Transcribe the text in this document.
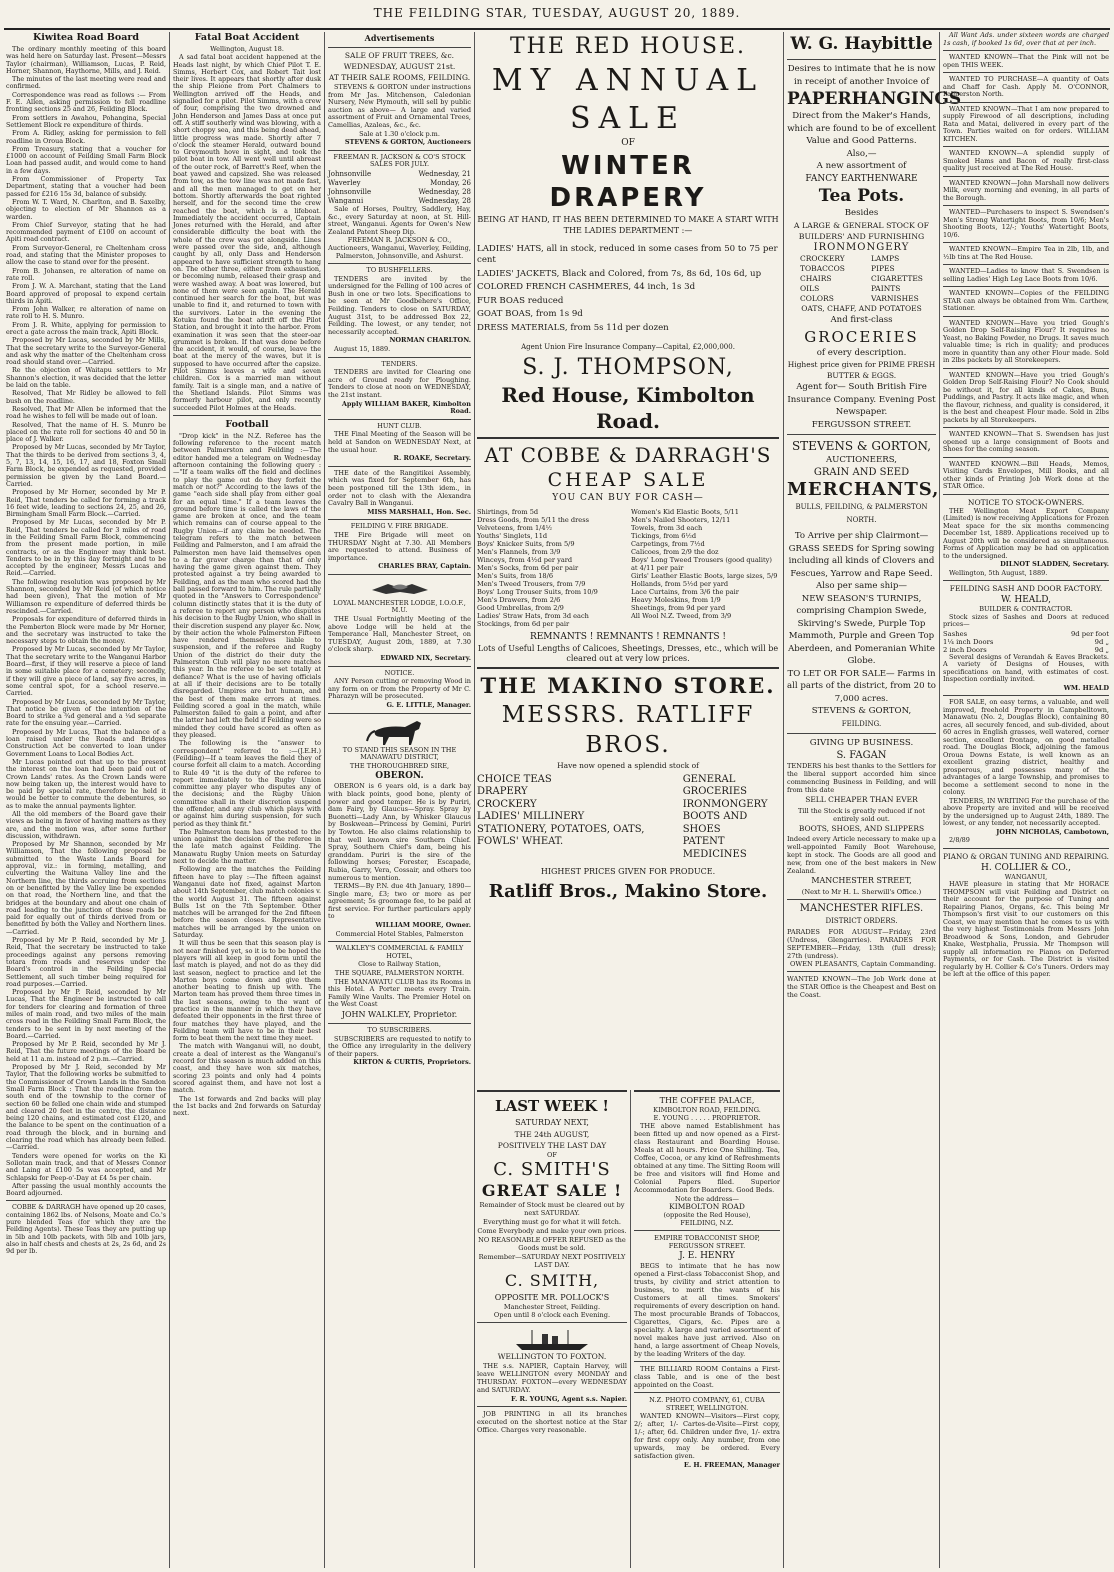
THE FEILDING STAR, TUESDAY, AUGUST 20, 1889.
Kiwitea Road Board

The ordinary monthly meeting of this board was held here on Saturday last. Present—Messrs Taylor (chairman), Williamson, Lucas, P. Reid, Horner, Shannon, Haythorne, Mills, and J. Reid.

The minutes of the last meeting were read and confirmed.

Correspondence was read as follows :— From F. E. Allen, asking permission to fell roadline fronting sections 25 and 26, Feilding Block.

From settlers in Awahou, Pohangina, Special Settlement Block re expenditure of thirds.

From A. Ridley, asking for permission to fell roadline in Oroua Block.

From Treasury, stating that a voucher for £1000 on account of Feilding Small Farm Block Loan had passed audit, and would come to hand in a few days.

From Commissioner of Property Tax Department, stating that a voucher had been passed for £216 15s 3d, balance of subsidy.

From W. T. Ward, N. Charlton, and B. Saxelby, objecting to election of Mr Shannon as a warden.

From Chief Surveyor, stating that he had recommended payment of £100 on account of Apiti road contract.

From Surveyor-General, re Cheltenham cross road, and stating that the Minister proposes to allow the case to stand over for the present.

From B. Johansen, re alteration of name on rate roll.

From J. W. A. Marchant, stating that the Land Board approved of proposal to expend certain thirds in Apiti.

From John Walker, re alteration of name on rate roll to H. S. Munro.

From J. R. White, applying for permission to erect a gate across the main track, Apiti Block.

Proposed by Mr Lucas, seconded by Mr Mills, That the secretary write to the Surveyor-General and ask why the matter of the Cheltenham cross road should stand over.—Carried.

Re the objection of Waitapu settlers to Mr Shannon's election, it was decided that the letter be laid on the table.

Resolved, That Mr Ridley be allowed to fell bush on the roadline.

Resolved, That Mr Allen be informed that the road he wishes to fell will be made out of loan.

Resolved, That the name of H. S. Munro be placed on the rate roll for sections 40 and 50 in place of J. Walker.

Proposed by Mr Lucas, seconded by Mr Taylor, That the thirds to be derived from sections 3, 4, 5, 7, 13, 14, 15, 16, 17, and 18, Foxton Small Farm Block, be expended as requested, provided permission be given by the Land Board.—Carried.

Proposed by Mr Horner, seconded by Mr P. Reid, That tenders be called for forming a track 16 feet wide, leading to sections 24, 25, and 26, Birmingham Small Farm Block.—Carried.

Proposed by Mr Lucas, seconded by Mr P. Reid, That tenders be called for 3 miles of road in the Feilding Small Farm Block, commencing from the present made portion, in mile contracts, or as the Engineer may think best. Tenders to be in by this day fortnight and to be accepted by the engineer, Messrs Lucas and Reid.—Carried.

The following resolution was proposed by Mr Shannon, seconded by Mr Reid (of which notice had been given), That the motion of Mr Williamson re expenditure of deferred thirds be rescinded.—Carried.

Proposals for expenditure of deferred thirds in the Pemberton Block were made by Mr Horner, and the secretary was instructed to take the necessary steps to obtain the money.

Proposed by Mr Lucas, seconded by Mr Taylor, That the secretary write to the Wanganui Harbor Board—first, if they will reserve a piece of land in some suitable place for a cemetery; secondly, if they will give a piece of land, say five acres, in some central spot, for a school reserve.—Carried.

Proposed by Mr Lucas, seconded by Mr Taylor, That notice be given of the intention of the Board to strike a ¾d general and a ¼d separate rate for the ensuing year.—Carried.

Proposed by Mr Lucas, That the balance of a loan raised under the Roads and Bridges Construction Act be converted to loan under Government Loans to Local Bodies Act.

Mr Lucas pointed out that up to the present the interest on the loan had been paid out of Crown Lands' rates. As the Crown Lands were now being taken up, the interest would have to be paid by special rate, therefore he held it would be better to commute the debentures, so as to make the annual payments lighter.

All the old members of the Board gave their views as being in favor of having matters as they are, and the motion was, after some further discussion, withdrawn.

Proposed by Mr Shannon, seconded by Mr Williamson, That the following proposal be submitted to the Waste Lands Board for approval, viz.: in forming, metalling, and culverting the Waituna Valley line and the Northern line, the thirds accruing from sections on or benefitted by the Valley line be expended on that road, the Northern line, and that the bridges at the boundary and about one chain of road leading to the junction of these roads be paid for equally out of thirds derived from or benefitted by both the Valley and Northern lines.—Carried.

Proposed by Mr P. Reid, seconded by Mr J. Reid, That the secretary be instructed to take proceedings against any persons removing totara from roads and reserves under the Board's control in the Feilding Special Settlement, all such timber being required for road purposes.—Carried.

Proposed by Mr P. Reid, seconded by Mr Lucas, That the Engineer be instructed to call for tenders for clearing and formation of three miles of main road, and two miles of the main cross road in the Feilding Small Farm Block, the tenders to be sent in by next meeting of the Board.—Carried.

Proposed by Mr P. Reid, seconded by Mr J. Reid, That the future meetings of the Board be held at 11 a.m. instead of 2 p.m.—Carried.

Proposed by Mr J. Reid, seconded by Mr Taylor, That the following works be submitted to the Commissioner of Crown Lands in the Sandon Small Farm Block : That the roadline from the south end of the township to the corner of section 60 be felled one chain wide and stumped and cleared 20 feet in the centre, the distance being 120 chains, and estimated cost £120, and the balance to be spent on the continuation of a road through the block, and in burning and clearing the road which has already been felled.—Carried.

Tenders were opened for works on the Ki Sollotan main track, and that of Messrs Connor and Laing at £100 5s was accepted, and Mr Schlapski for Peep-o'-Day at £4 5s per chain.

After passing the usual monthly accounts the Board adjourned.

COBBE & DARRAGH have opened up 20 cases, containing 1862 lbs. of Nelsons, Moate and Co.'s pure blended Teas (for which they are the Feilding Agents). These Teas they are putting up in 5lb and 10lb packets, with 5lb and 10lb jars, also in half chests and chests at 2s, 2s 6d, and 2s 9d per lb.

Fatal Boat Accident

Wellington, August 18.

A sad fatal boat accident happened at the Heads last night, by which Chief Pilot T. E. Simms, Herbert Cox, and Robert Tait lost their lives. It appears that shortly after dusk the ship Pleione from Port Chalmers to Wellington arrived off the Heads, and signalled for a pilot. Pilot Simms, with a crew of four, comprising the two drowned and John Henderson and James Dass at once put off. A stiff southerly wind was blowing, with a short choppy sea, and this being dead ahead, little progress was made. Shortly after 7 o'clock the steamer Herald, outward bound to Greymouth hove in sight, and took the pilot boat in tow. All went well until abreast of the outer rock, of Barrett's Reef, when the boat yawed and capsized. She was released from tow, as the tow line was not made fast, and all the men managed to get on her bottom. Shortly afterwards the boat righted herself, and for the second time the crew reached the boat, which is a lifeboat. Immediately the accident occurred, Captain Jones returned with the Herald, and after considerable difficulty the boat with the whole of the crew was got alongside. Lines were passed over the side, and, although caught by all, only Dass and Henderson appeared to have sufficient strength to hang on. The other three, either from exhaustion, or becoming numb, released their grasp and were washed away. A boat was lowered, but none of them were seen again. The Herald continued her search for the boat, but was unable to find it, and returned to town with the survivors. Later in the evening the Kotuku found the boat adrift off the Pilot Station, and brought it into the harbor. From examination it was seen that the steer-oar grummet is broken. If that was done before the accident, it would, of course, leave the boat at the mercy of the waves, but it is supposed to have occurred after the capsize. Pilot Simms leaves a wife and seven children. Cox is a married man without family. Tait is a single man, and a native of the Shetland Islands. Pilot Simms was formerly harbour pilot, and only recently succeeded Pilot Holmes at the Heads.

Football

"Drop kick" in the N.Z. Referee has the following reference to the recent match between Palmerston and Feilding :—The editor handed me a telegram on Wednesday afternoon containing the following query :—"If a team walks off the field and declines to play the game out do they forfeit the match or not?" According to the laws of the game "each side shall play from either goal for an equal time." If a team leaves the ground before time is called the laws of the game are broken at once, and the team which remains can of course appeal to the Rugby Union—if any claim be needed. The telegram refers to the match between Feilding and Palmerston, and I am afraid the Palmerston men have laid themselves open to a far graver charge than that of only having the game given against them. They protested against a try being awarded to Feilding, and as the man who scored had the ball passed forward to him. The rule partially quoted in the "Answers to Correspondence" column distinctly states that it is the duty of a referee to report any person who disputes his decision to the Rugby Union, who shall in their discretion suspend any player &c. Now, by their action the whole Palmerston Fifteen have rendered themselves liable to suspension, and if the referee and Rugby Union of the district do their duty the Palmerston Club will play no more matches this year. In the referee to be set totally at defiance? What is the use of having officials at all if their decisions are to be totally disregarded. Umpires are but human, and the best of them make errors at times. Feilding scored a goal in the match, while Palmerston failed to gain a point, and after the latter had left the field if Feilding were so minded they could have scored as often as they pleased.

The following is the "answer to correspondent" referred to :—(J.E.H.) (Feilding)—If a team leaves the field they of course forfeit all claim to a match. According to Rule 49 "it is the duty of the referee to report immediately to the Rugby Union committee any player who disputes any of the decisions; and the Rugby Union committee shall in their discretion suspend the offender, and any club which plays with or against him during suspension, for such period as they think fit."

The Palmerston team has protested to the union against the decision of the referee in the late match against Feilding. The Manawatu Rugby Union meets on Saturday next to decide the matter.

Following are the matches the Feilding fifteen have to play :—The fifteen against Wanganui date not fixed, against Marton about 14th September, club match colonies v. the world August 31. The fifteen against Bulls 1st on the 7th September. Other matches will be arranged for the 2nd fifteen before the season closes. Representative matches will be arranged by the union on Saturday.

It will thus be seen that this season play is not near finished yet, so it is to be hoped the players will all keep in good form until the last match is played, and not do as they did last season, neglect to practice and let the Marton boys come down and give them another beating to finish up with. The Marton team has proved them three times in the last seasons, owing to the want of practice in the manner in which they have defeated their opponents in the first three of four matches they have played, and the Feilding team will have to be in their best form to beat them the next time they meet.

The match with Wanganui will, no doubt, create a deal of interest as the Wanganui's record for this season is much added on this coast, and they have won six matches, scoring 23 points and only had 4 points scored against them, and have not lost a match.

The 1st forwards and 2nd backs will play the 1st backs and 2nd forwards on Saturday next.

Advertisements

SALE OF FRUIT TREES, &c.

WEDNESDAY, AUGUST 21st.

AT THEIR SALE ROOMS, FEILDING.

STEVENS & GORTON under instructions from Mr Jas. Mitchenson, Caledonian Nursery, New Plymouth, will sell by public auction as above— A large and varied assortment of Fruit and Ornamental Trees, Camellias, Azaleas, &c., &c.

Sale at 1.30 o'clock p.m.

STEVENS & GORTON, Auctioneers

FREEMAN R. JACKSON & CO'S STOCK SALES FOR JULY.

Johnsonville	Wednesday, 21
Waverley	Monday, 26
Johnsonville	Wednesday, 28
Wanganui	Wednesday, 28

Sale of Horses, Poultry, Saddlery, Hay, &c., every Saturday at noon, at St. Hill-street, Wanganui. Agents for Owen's New Zealand Patent Sheep Dip.

FREEMAN R. JACKSON & CO., Auctioneers, Wanganui, Waverley, Feilding, Palmerston, Johnsonville, and Ashurst.

TO BUSHFELLERS.

TENDERS are invited by the undersigned for the Felling of 100 acres of Bush in one or two lots. Specifications to be seen at Mr Goodbehere's Office, Feilding. Tenders to close on SATURDAY, August 31st, to be addressed Box 22, Feilding. The lowest, or any tender, not necessarily accepted.

NORMAN CHARLTON.

August 15, 1889.

TENDERS.

TENDERS are invited for Clearing one acre of Ground ready for Ploughing. Tenders to close at noon on WEDNESDAY, the 21st instant.

Apply WILLIAM BAKER, Kimbolton Road.

HUNT CLUB.

THE Final Meeting of the Season will be held at Sandon on WEDNESDAY Next, at the usual hour.

R. ROAKE, Secretary.

THE date of the Rangitikei Assembly, which was fixed for September 6th, has been postponed till the 13th idem., in order not to clash with the Alexandra Cavalry Ball in Wanganui.

MISS MARSHALL, Hon. Sec.

FEILDING V. FIRE BRIGADE.

THE Fire Brigade will meet on THURSDAY Night at 7.30. All Members are requested to attend. Business of importance.

CHARLES BRAY, Captain.

LOYAL MANCHESTER LODGE, I.O.O.F., M.U.

THE Usual Fortnightly Meeting of the above Lodge will be held at the Temperance Hall, Manchester Street, on TUESDAY, August 20th, 1889, at 7.30 o'clock sharp.

EDWARD NIX, Secretary.

NOTICE.

ANY Person cutting or removing Wood in any form on or from the Property of Mr C. Pharazyn will be prosecuted.

G. E. LITTLE, Manager.

TO STAND THIS SEASON IN THE MANAWATU DISTRICT,

THE THOROUGHBRED SIRE,

OBERON.

OBERON is 6 years old, is a dark bay with black points, good bone, plenty of power and good temper. He is by Puriri, dam Fairy, by Glaucus—Spray. Spray by Buonetti—Lady Ann, by Whisker Glaucus by Boskwean—Princess by Gemini, Puriri by Towton. He also claims relationship to that well known sire Southern Chief. Spray, Southern Chief's dam, being his granddam. Puriri is the sire of the following horses; Forester, Escapade, Rubia, Garry, Vera, Cossair, and others too numerous to mention.

TERMS—By P.N. due 4th January, 1890—Single mare, £3; two or more as per agreement; 5s groomage fee, to be paid at first service. For further particulars apply to

WILLIAM MOORE, Owner.

Commercial Hotel Stables, Palmerston

WALKLEY'S COMMERCIAL & FAMILY HOTEL,

Close to Railway Station,

THE SQUARE, PALMERSTON NORTH.

THE MANAWATU CLUB has its Rooms in this Hotel. A Porter meets every Train. Family Wine Vaults. The Premier Hotel on the West Coast

JOHN WALKLEY, Proprietor.

TO SUBSCRIBERS.

SUBSCRIBERS are requested to notify to the Office any irregularity in the delivery of their papers.

KIRTON & CURTIS, Proprietors.

THE RED HOUSE.
MY ANNUAL SALE
OF
WINTER DRAPERY
BEING AT HAND, IT HAS BEEN DETERMINED TO MAKE A START WITH THE LADIES DEPARTMENT :—
LADIES' HATS, all in stock, reduced in some cases from 50 to 75 per cent
LADIES' JACKETS, Black and Colored, from 7s, 8s 6d, 10s 6d, up
COLORED FRENCH CASHMERES, 44 inch, 1s 3d
FUR BOAS reduced
GOAT BOAS, from 1s 9d
DRESS MATERIALS, from 5s 11d per dozen
Agent Union Fire Insurance Company—Capital, £2,000,000.
S. J. THOMPSON,
Red House, Kimbolton Road.
AT COBBE & DARRAGH'S
CHEAP SALE
YOU CAN BUY FOR CASH—
Shirtings, from 5d
Dress Goods, from 5/11 the dress
Velveteens, from 1/4½
Youths' Singlets, 11d
Boys' Knicker Suits, from 5/9
Men's Flannels, from 3/9
Winceys, from 4½d per yard
Men's Socks, from 6d per pair
Men's Suits, from 18/6
Men's Tweed Trousers, from 7/9
Boys' Long Trouser Suits, from 10/9
Men's Drawers, from 2/6
Good Umbrellas, from 2/9
Ladies' Straw Hats, from 3d each
Stockings, from 6d per pair
Women's Kid Elastic Boots, 5/11
Men's Nailed Shooters, 12/11
Towels, from 3d each
Tickings, from 6½d
Carpetings, from 7½d
Calicoes, from 2/9 the doz
Boys' Long Tweed Trousers (good quality) at 4/11 per pair
Girls' Leather Elastic Boots, large sizes, 5/9
Hollands, from 5½d per yard
Lace Curtains, from 3/6 the pair
Heavy Moleskins, from 1/9
Sheetings, from 9d per yard
All Wool N.Z. Tweed, from 3/9
REMNANTS ! REMNANTS ! REMNANTS !
Lots of Useful Lengths of Calicoes, Sheetings, Dresses, etc., which will be cleared out at very low prices.
THE MAKINO STORE.
MESSRS. RATLIFF BROS.
Have now opened a splendid stock of
CHOICE TEAS
DRAPERY
CROCKERY
LADIES' MILLINERY
STATIONERY, POTATOES, OATS, FOWLS' WHEAT.
GENERAL GROCERIES
IRONMONGERY
BOOTS AND SHOES
PATENT MEDICINES
HIGHEST PRICES GIVEN FOR PRODUCE.
Ratliff Bros., Makino Store.
LAST WEEK !
SATURDAY NEXT,
THE 24th AUGUST,
POSITIVELY THE LAST DAY
OF
C. SMITH'S
GREAT SALE !

Remainder of Stock must be cleared out by next SATURDAY.

Everything must go for what it will fetch.

Come Everybody and make your own prices.

NO REASONABLE OFFER REFUSED as the Goods must be sold.

Remember—SATURDAY NEXT POSITIVELY LAST DAY.

C. SMITH,
OPPOSITE MR. POLLOCK'S
Manchester Street, Feilding.
Open until 8 o'clock each Evening.
WELLINGTON TO FOXTON.

THE s.s. NAPIER, Captain Harvey, will leave WELLINGTON every MONDAY and THURSDAY. FOXTON—every WEDNESDAY and SATURDAY.

F. R. YOUNG, Agent s.s. Napier.

JOB PRINTING in all its branches executed on the shortest notice at the Star Office. Charges very reasonable.

THE COFFEE PALACE,
KIMBOLTON ROAD, FEILDING.
E. YOUNG . . . . . PROPRIETOR.

THE above named Establishment has been fitted up and now opened as a First-class Restaurant and Boarding House. Meals at all hours. Price One Shilling. Tea, Coffee, Cocoa, or any kind of Refreshments obtained at any time. The Sitting Room will be free and visitors will find Home and Colonial Papers filed. Superior Accommodation for Boarders. Good Beds.

Note the address—
KIMBOLTON ROAD
(opposite the Red House),
FEILDING, N.Z.
EMPIRE TOBACCONIST SHOP, FERGUSSON STREET.
J. E. HENRY

BEGS to intimate that he has now opened a First-class Tobacconist Shop, and trusts, by civility and strict attention to business, to merit the wants of his Customers at all times. Smokers' requirements of every description on hand. The most procurable Brands of Tobaccos, Cigarettes, Cigars, &c. Pipes are a specialty. A large and varied assortment of novel makes have just arrived. Also on hand, a large assortment of Cheap Novels, by the leading Writers of the day.

THE BILLIARD ROOM Contains a First-class Table, and is one of the best appointed on the Coast.

N.Z. PHOTO COMPANY, 61, CUBA STREET, WELLINGTON.

WANTED KNOWN—Visitors—First copy, 2/; after, 1/- Cartes-de-Visite—First copy, 1/-; after, 6d. Children under five, 1/- extra for first copy only. Any number, from one upwards, may be ordered. Every satisfaction given.

E. H. FREEMAN, Manager

W. G. Haybittle
Desires to intimate that he is now in receipt of another Invoice of
PAPERHANGINGS
Direct from the Maker's Hands, which are found to be of excellent Value and Good Patterns.
Also,—
A new assortment of
FANCY EARTHENWARE
Tea Pots.
Besides
A LARGE & GENERAL STOCK OF BUILDERS' AND FURNISHING
IRONMONGERY
CROCKERY
TOBACCOS
CHAIRS
OILS
COLORS
LAMPS
PIPES
CIGARETTES
PAINTS
VARNISHES
OATS, CHAFF, AND POTATOES
And first-class
GROCERIES
of every description.
Highest price given for PRIME FRESH BUTTER & EGGS.
Agent for— South British Fire Insurance Company. Evening Post Newspaper.
FERGUSSON STREET.
STEVENS & GORTON,
AUCTIONEERS,
GRAIN AND SEED
MERCHANTS,
BULLS, FEILDING, & PALMERSTON NORTH.
To Arrive per ship Clairmont— GRASS SEEDS for Spring sowing including all kinds of Clovers and Fescues, Yarrow and Rape Seed.
Also per same ship—
NEW SEASON'S TURNIPS, comprising Champion Swede, Skirving's Swede, Purple Top Mammoth, Purple and Green Top Aberdeen, and Pomeranian White Globe.
TO LET OR FOR SALE— Farms in all parts of the district, from 20 to 7,000 acres.
STEVENS & GORTON,
FEILDING.
GIVING UP BUSINESS.
S. FAGAN
TENDERS his best thanks to the Settlers for the liberal support accorded him since commencing Business in Feilding, and will from this date
SELL CHEAPER THAN EVER
Till the Stock is greatly reduced if not entirely sold out.
BOOTS, SHOES, AND SLIPPERS
Indeed every Article necessary to make up a well-appointed Family Boot Warehouse, kept in stock. The Goods are all good and new, from one of the best makers in New Zealand.
MANCHESTER STREET,
(Next to Mr H. L. Sherwill's Office.)
MANCHESTER RIFLES.
DISTRICT ORDERS.
PARADES FOR AUGUST—Friday, 23rd (Undress, Glengarries). PARADES FOR SEPTEMBER—Friday, 13th (full dress); 27th (undress).
OWEN PLEASANTS, Captain Commanding.
WANTED KNOWN—The Job Work done at the STAR Office is the Cheapest and Best on the Coast.

All Want Ads. under sixteen words are charged 1s cash, if booked 1s 6d, over that at per inch.

WANTED KNOWN—That the Pink will not be open THIS WEEK.

WANTED TO PURCHASE—A quantity of Oats and Chaff for Cash. Apply M. O'CONNOR, Palmerston North.

WANTED KNOWN—That I am now prepared to supply Firewood of all descriptions, including Rata and Matai, delivered in every part of the Town. Parties waited on for orders. WILLIAM KITCHEN.

WANTED KNOWN—A splendid supply of Smoked Hams and Bacon of really first-class quality just received at The Red House.

WANTED KNOWN—John Marshall now delivers Milk, every morning and evening, in all parts of the Borough.

WANTED—Purchasers to inspect S. Swendsen's Men's Strong Watertight Boots, from 10/6; Men's Shooting Boots, 12/-; Youths' Watertight Boots, 10/6.

WANTED KNOWN—Empire Tea in 2lb, 1lb, and ½lb tins at The Red House.

WANTED—Ladies to know that S. Swendsen is selling Ladies' High Leg Lace Boots from 10/6.

WANTED KNOWN—Copies of the FEILDING STAR can always be obtained from Wm. Carthew, Stationer.

WANTED KNOWN—Have you tried Gough's Golden Drop Self-Raising Flour? It requires no Yeast, no Baking Powder, no Drugs. It saves much valuable time; is rich in quality; and produces more in quantity than any other Flour made. Sold in 2lbs packets by all Storekeepers.

WANTED KNOWN—Have you tried Gough's Golden Drop Self-Raising Flour? No Cook should be without it, for all kinds of Cakes, Buns, Puddings, and Pastry. It acts like magic, and when the flavour, richness, and quality is considered, it is the best and cheapest Flour made. Sold in 2lbs packets by all Storekeepers.

WANTED KNOWN—That S. Swendsen has just opened up a large consignment of Boots and Shoes for the coming season.

WANTED KNOWN.—Bill Heads, Memos, Visiting Cards Envelopes, Mill Books, and all other kinds of Printing Job Work done at the STAR Office.

NOTICE TO STOCK-OWNERS.

THE Wellington Meat Export Company (Limited) is now receiving Applications for Frozen Meat space for the six months commencing December 1st, 1889. Applications received up to August 20th will be considered as simultaneous. Forms of Application may be had on application to the undersigned.

DILNOT SLADDEN, Secretary.

Wellington, 5th August, 1889.

FEILDING SASH AND DOOR FACTORY.
W. HEALD,
BUILDER & CONTRACTOR.

Stock sizes of Sashes and Doors at reduced prices—

Sashes	9d per foot
1¼ inch Doors	9d „
2 inch Doors	9d „

Several designs of Verandah & Eaves Brackets. A variety of Designs of Houses, with specifications on hand, with estimates of cost. Inspection cordially invited.

WM. HEALD

FOR SALE, on easy terms, a valuable, and well improved, freehold Property in Campbelltown, Manawatu (No. 2, Douglas Block), containing 80 acres, all securely fenced, and sub-divided, about 60 acres in English grasses, well watered, corner section, excellent frontage, on good metalled road. The Douglas Block, adjoining the famous Oroua Downs Estate, is well known as an excellent grazing district, healthy and prosperous, and possesses many of the advantages of a large Township, and promises to become a settlement second to none in the colony.

TENDERS, IN WRITING For the purchase of the above Property are invited and will be received by the undersigned up to August 24th, 1889. The lowest, or any tender, not necessarily accepted.

JOHN NICHOLAS, Cambotown,

2/8/89

PIANO & ORGAN TUNING AND REPAIRING.
H. COLLIER & CO.,
WANGANUI,

HAVE pleasure in stating that Mr HORACE THOMPSON will visit Feilding and District on their account for the purpose of Tuning and Repairing Pianos, Organs, &c. This being Mr Thompson's first visit to our customers on this Coast, we may mention that he comes to us with the very highest Testimonials from Messrs John Broadwood & Sons, London, and Gebruder Knake, Westphalia, Prussia. Mr Thompson will supply all information re Pianos on Deferred Payments, or for Cash. The District is visited regularly by H. Collier & Co's Tuners. Orders may be left at the office of this paper.
